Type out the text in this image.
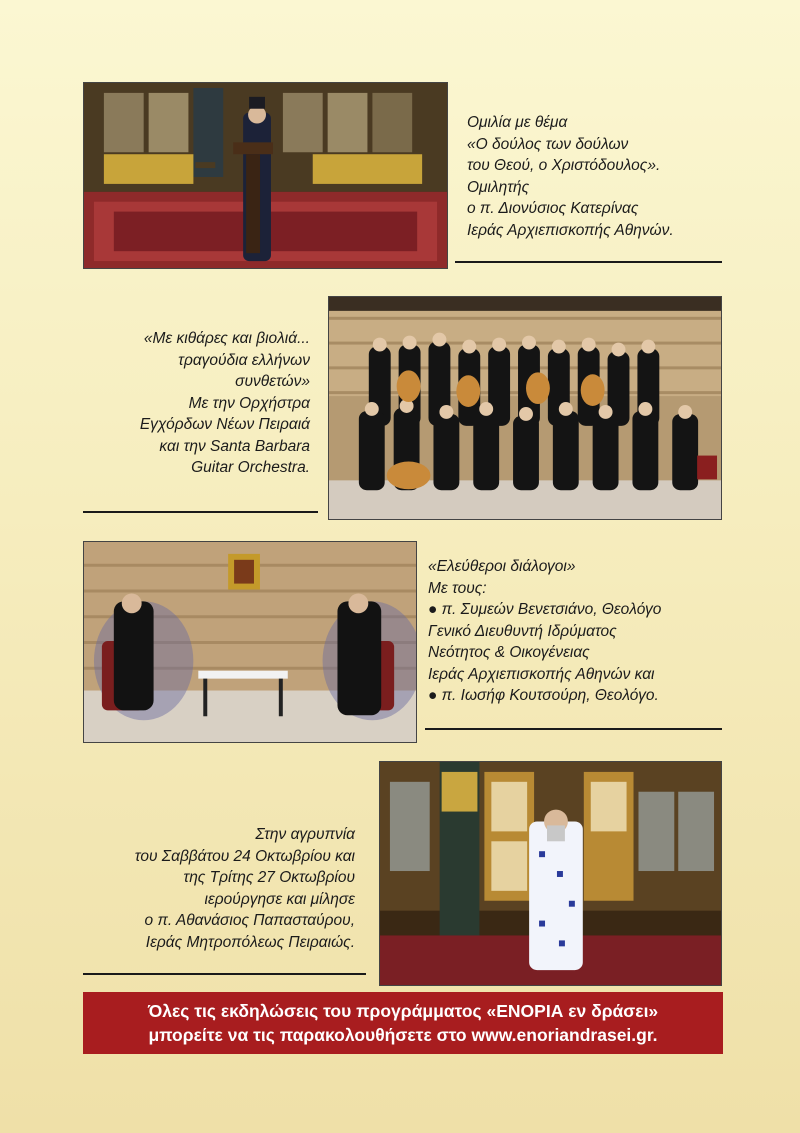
Ομιλία με θέμα
«Ο δούλος των δούλων
του Θεού, ο Χριστόδουλος».
Ομιλητής
ο π. Διονύσιος Κατερίνας
Ιεράς Αρχιεπισκοπής Αθηνών.
«Με κιθάρες και βιολιά...
τραγούδια ελλήνων
συνθετών»
Με την Ορχήστρα
Εγχόρδων Νέων Πειραιά
και την Santa Barbara
Guitar Orchestra.
«Ελεύθεροι διάλογοι»
Με τους:
● π. Συμεών Βενετσιάνο, Θεολόγο
Γενικό Διευθυντή Ιδρύματος
Νεότητος & Οικογένειας
Ιεράς Αρχιεπισκοπής Αθηνών και
● π. Ιωσήφ Κουτσούρη, Θεολόγο.
Στην αγρυπνία
του Σαββάτου 24 Οκτωβρίου και
της Τρίτης 27 Οκτωβρίου
ιερούργησε και μίλησε
ο π. Αθανάσιος Παπασταύρου,
Ιεράς Μητροπόλεως Πειραιώς.
Όλες τις εκδηλώσεις του προγράμματος «ΕΝΟΡΙΑ εν δράσει»
μπορείτε να τις παρακολουθήσετε στο www.enoriandrasei.gr.
